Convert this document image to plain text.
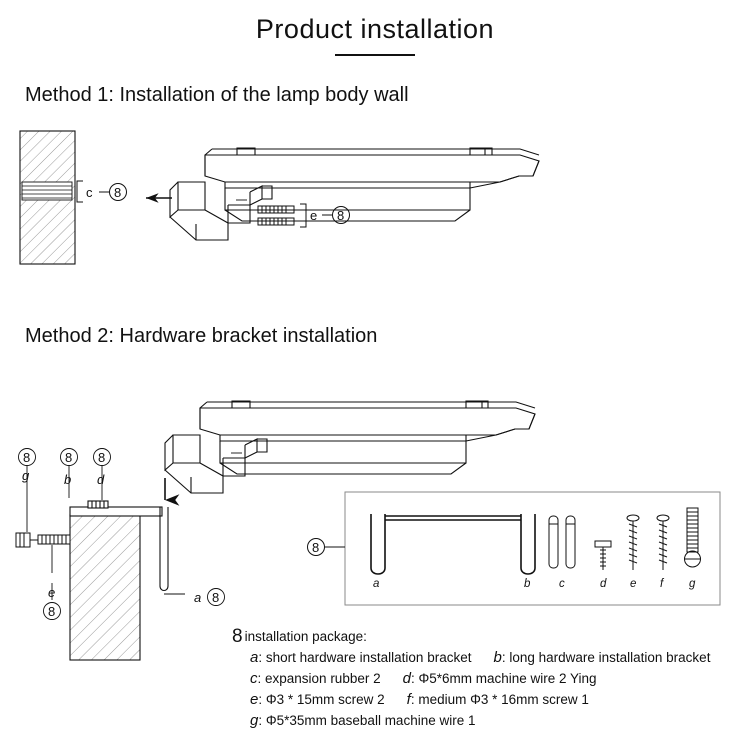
Product installation
Method 1: Installation of the lamp body wall
Method 2: Hardware bracket installation
c 8
e 8
8
b
8
d
8
g
e
8
a 8
8
a	b c	d e f g
8 installation package:
a: short hardware installation bracket b: long hardware installation bracket
c: expansion rubber 2 d: Φ5*6mm machine wire 2 Ying
e: Φ3 * 15mm screw 2 f: medium Φ3 * 16mm screw 1
g: Φ5*35mm baseball machine wire 1
